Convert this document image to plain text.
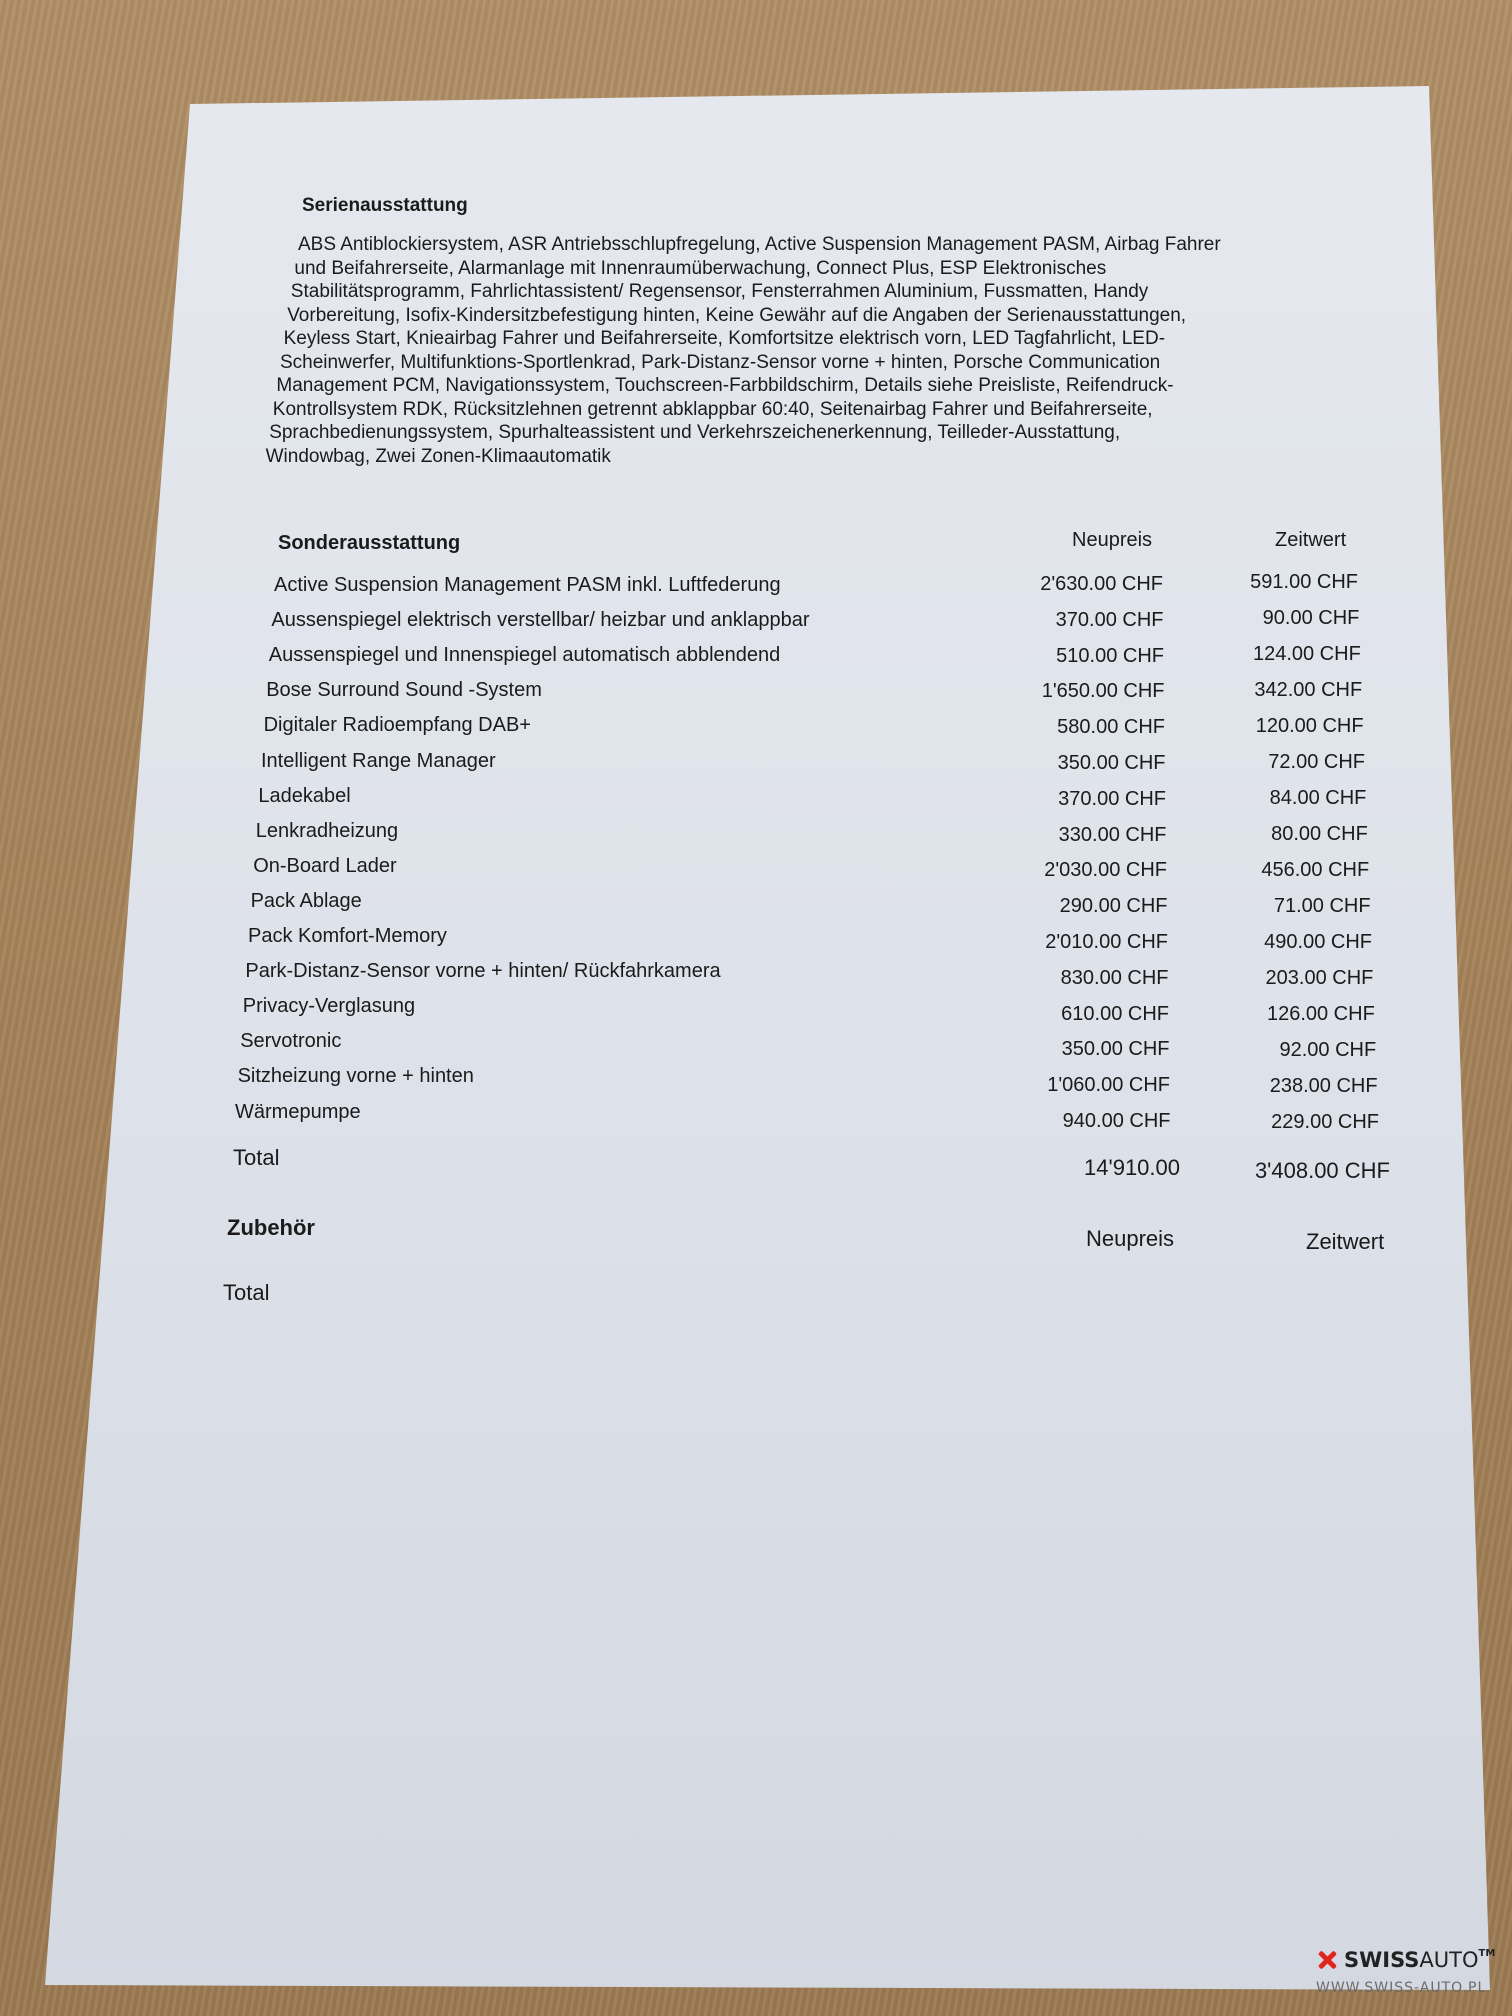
Serienausstattung
ABS Antiblockiersystem, ASR Antriebsschlupfregelung, Active Suspension Management PASM, Airbag Fahrer
und Beifahrerseite, Alarmanlage mit Innenraumüberwachung, Connect Plus, ESP Elektronisches
Stabilitätsprogramm, Fahrlichtassistent/ Regensensor, Fensterrahmen Aluminium, Fussmatten, Handy
Vorbereitung, Isofix-Kindersitzbefestigung hinten, Keine Gewähr auf die Angaben der Serienausstattungen,
Keyless Start, Knieairbag Fahrer und Beifahrerseite, Komfortsitze elektrisch vorn, LED Tagfahrlicht, LED-
Scheinwerfer, Multifunktions-Sportlenkrad, Park-Distanz-Sensor vorne + hinten, Porsche Communication
Management PCM, Navigationssystem, Touchscreen-Farbbildschirm, Details siehe Preisliste, Reifendruck-
Kontrollsystem RDK, Rücksitzlehnen getrennt abklappbar 60:40, Seitenairbag Fahrer und Beifahrerseite,
Sprachbedienungssystem, Spurhalteassistent und Verkehrszeichenerkennung, Teilleder-Ausstattung,
Windowbag, Zwei Zonen-Klimaautomatik
Sonderausstattung	Neupreis	Zeitwert
Active Suspension Management PASM inkl. Luftfederung	2'630.00 CHF	591.00 CHF
Aussenspiegel elektrisch verstellbar/ heizbar und anklappbar	370.00 CHF	90.00 CHF
Aussenspiegel und Innenspiegel automatisch abblendend	510.00 CHF	124.00 CHF
Bose Surround Sound -System	1'650.00 CHF	342.00 CHF
Digitaler Radioempfang DAB+	580.00 CHF	120.00 CHF
Intelligent Range Manager	350.00 CHF	72.00 CHF
Ladekabel	370.00 CHF	84.00 CHF
Lenkradheizung	330.00 CHF	80.00 CHF
On-Board Lader	2'030.00 CHF	456.00 CHF
Pack Ablage	290.00 CHF	71.00 CHF
Pack Komfort-Memory	2'010.00 CHF	490.00 CHF
Park-Distanz-Sensor vorne + hinten/ Rückfahrkamera	830.00 CHF	203.00 CHF
Privacy-Verglasung	610.00 CHF	126.00 CHF
Servotronic	350.00 CHF	92.00 CHF
Sitzheizung vorne + hinten	1'060.00 CHF	238.00 CHF
Wärmepumpe	940.00 CHF	229.00 CHF
Total	14'910.00	3'408.00 CHF
Zubehör	Neupreis	Zeitwert
Total
SWISSAUTO™
WWW.SWISS-AUTO.PL
